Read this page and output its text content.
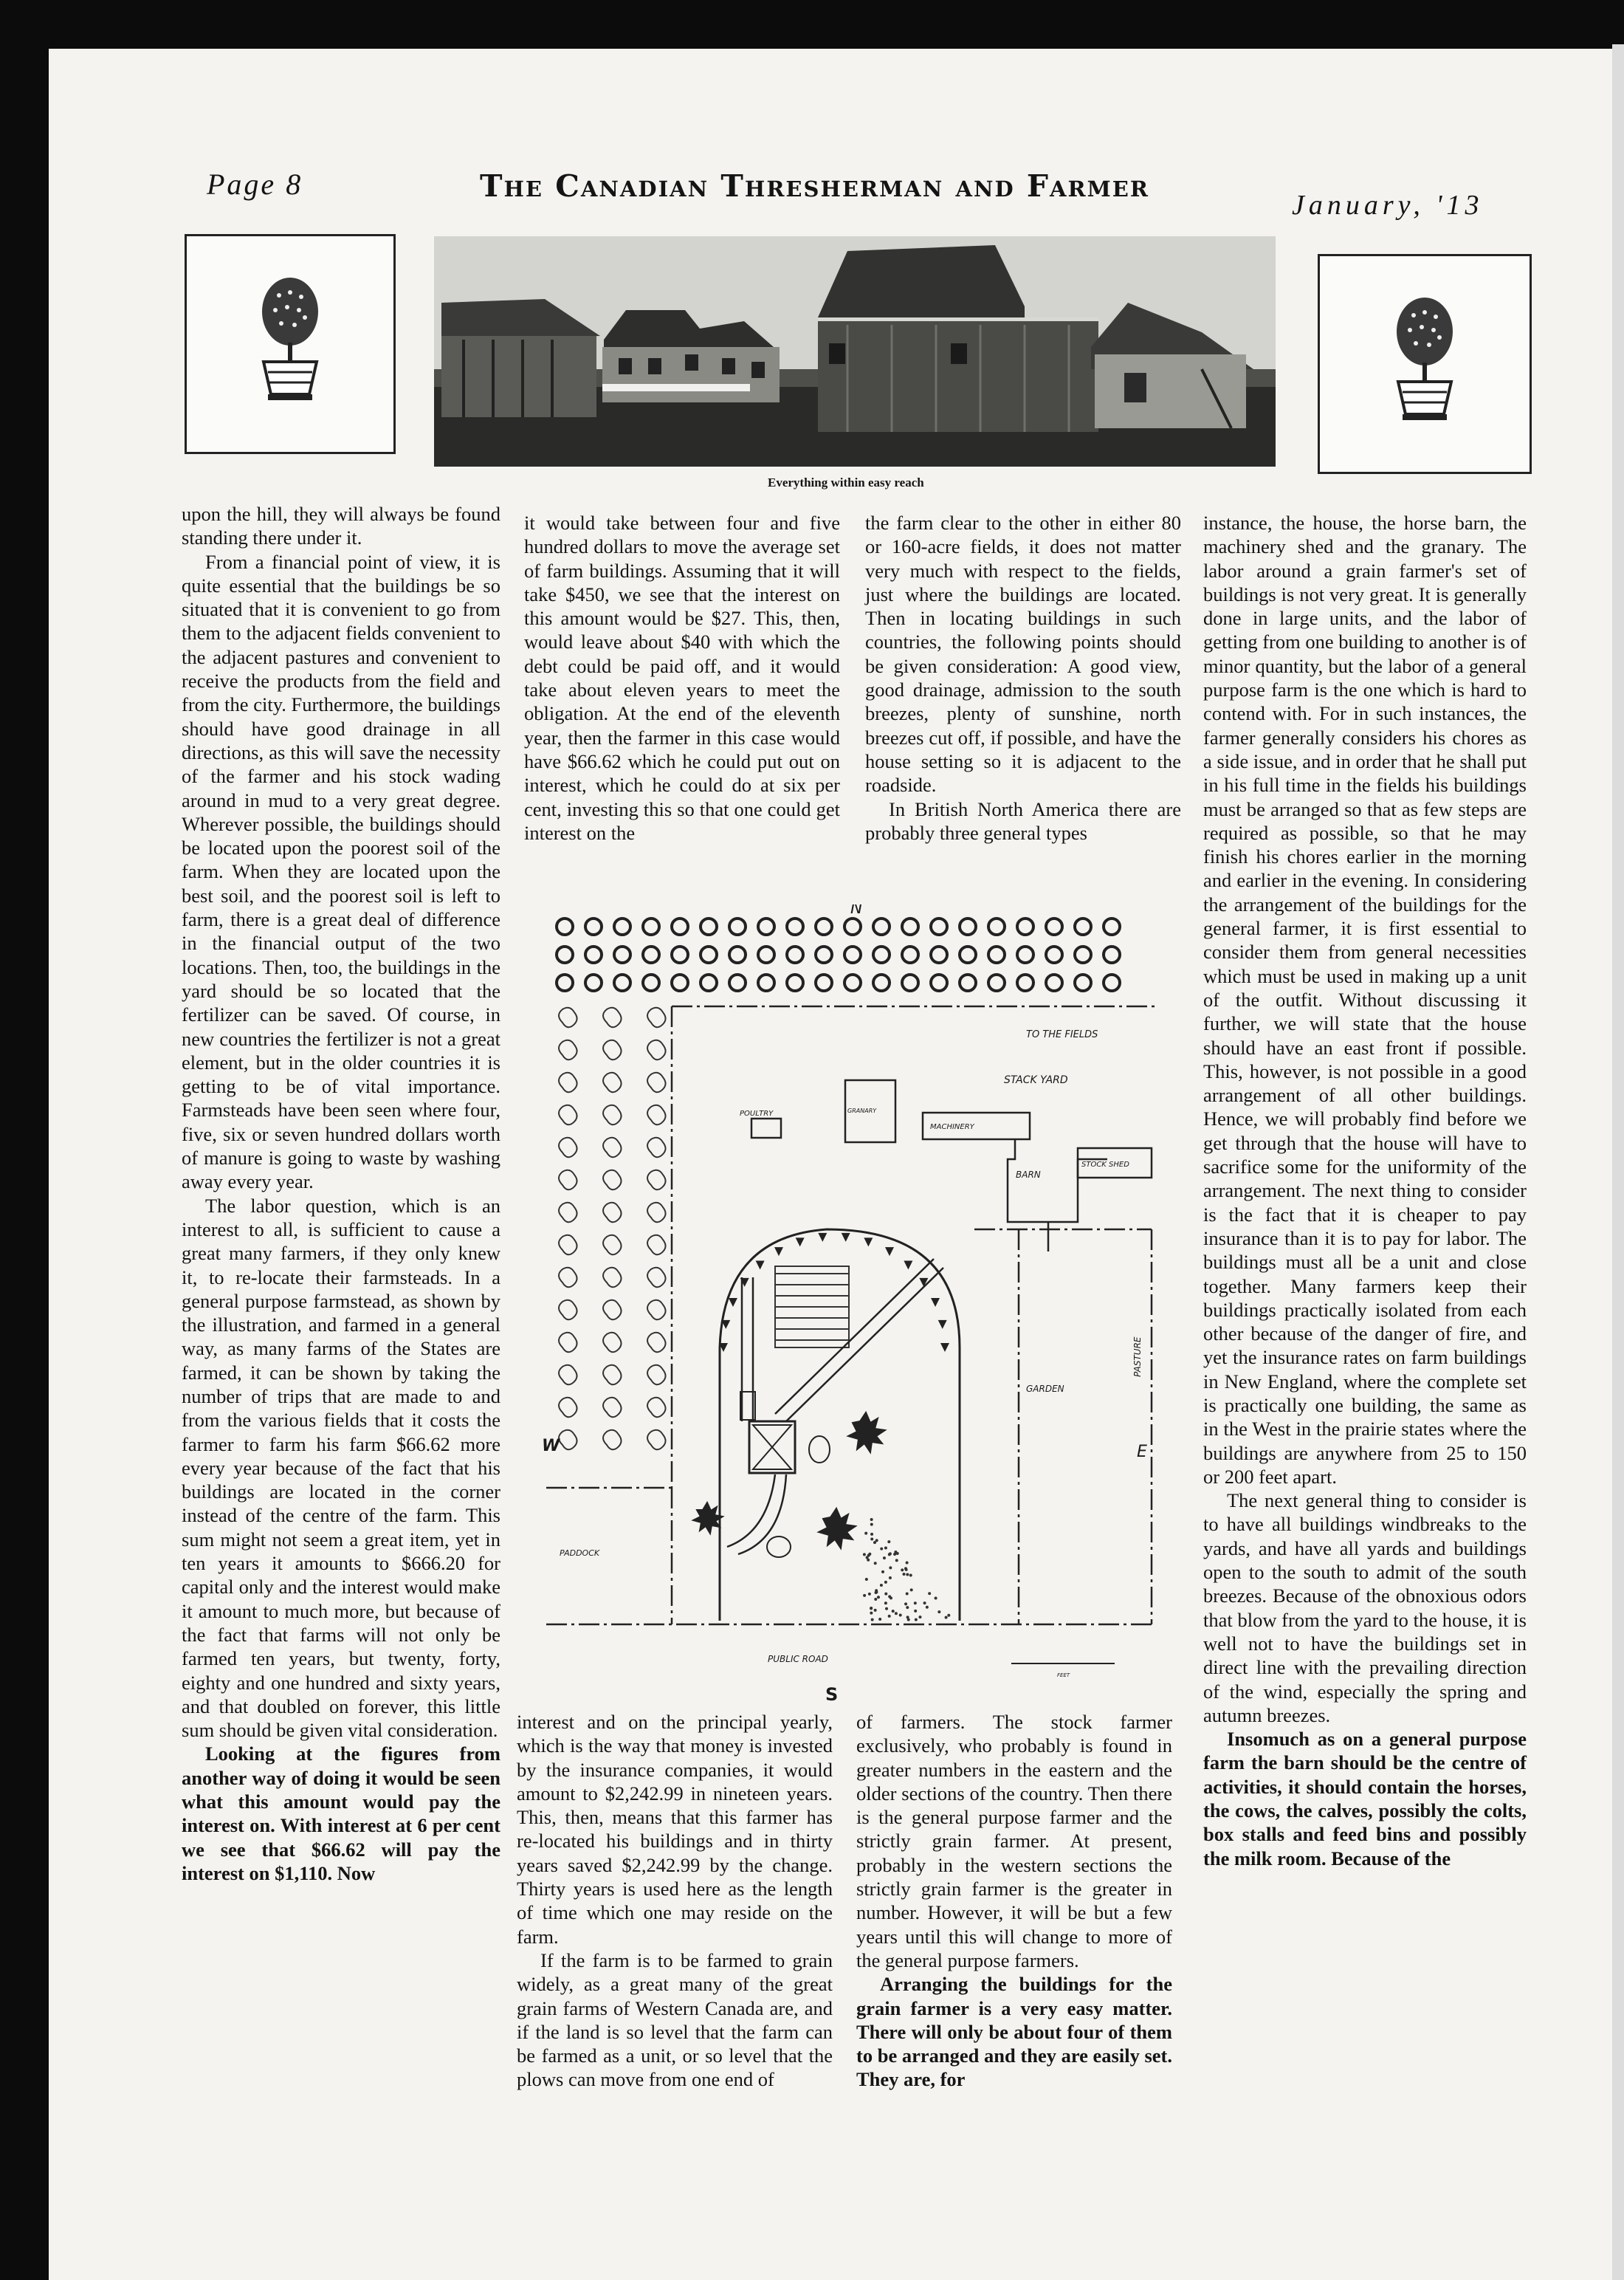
Page 8	The Canadian Thresherman and Farmer
January, '13
Everything within easy reach

upon the hill, they will always be found standing there under it.

From a financial point of view, it is quite essential that the buildings be so situated that it is convenient to go from them to the adjacent fields convenient to the adjacent pastures and convenient to receive the products from the field and from the city. Furthermore, the buildings should have good drainage in all directions, as this will save the necessity of the farmer and his stock wading around in mud to a very great degree. Wherever possible, the buildings should be located upon the poorest soil of the farm. When they are located upon the best soil, and the poorest soil is left to farm, there is a great deal of difference in the financial output of the two locations. Then, too, the buildings in the yard should be so located that the fertilizer can be saved. Of course, in new countries the fertilizer is not a great element, but in the older countries it is getting to be of vital importance. Farmsteads have been seen where four, five, six or seven hundred dollars worth of manure is going to waste by washing away every year.

The labor question, which is an interest to all, is sufficient to cause a great many farmers, if they only knew it, to re-locate their farmsteads. In a general purpose farmstead, as shown by the illustration, and farmed in a general way, as many farms of the States are farmed, it can be shown by taking the number of trips that are made to and from the various fields that it costs the farmer to farm his farm $66.62 more every year because of the fact that his buildings are located in the corner instead of the centre of the farm. This sum might not seem a great item, yet in ten years it amounts to $666.20 for capital only and the interest would make it amount to much more, but because of the fact that farms will not only be farmed ten years, but twenty, forty, eighty and one hundred and sixty years, and that doubled on forever, this little sum should be given vital consideration.

Looking at the figures from another way of doing it would be seen what this amount would pay the interest on. With interest at 6 per cent we see that $66.62 will pay the interest on $1,110. Now

it would take between four and five hundred dollars to move the average set of farm buildings. Assuming that it will take $450, we see that the interest on this amount would be $27. This, then, would leave about $40 with which the debt could be paid off, and it would take about eleven years to meet the obligation. At the end of the eleventh year, then the farmer in this case would have $66.62 which he could put out on interest, which he could do at six per cent, investing this so that one could get interest on the

the farm clear to the other in either 80 or 160-acre fields, it does not matter very much with respect to the fields, just where the buildings are located. Then in locating buildings in such countries, the following points should be given consideration: A good view, good drainage, admission to the south breezes, plenty of sunshine, north breezes cut off, if possible, and have the house setting so it is adjacent to the roadside.

In British North America there are probably three general types

N
S
W	E
TO THE FIELDS
STACK YARD
POULTRY	GRANARY
MACHINERY
BARN
STOCK SHED
GARDEN
PASTURE
PADDOCK
PUBLIC ROAD
FEET

interest and on the principal yearly, which is the way that money is invested by the insurance companies, it would amount to $2,242.99 in nineteen years. This, then, means that this farmer has re-located his buildings and in thirty years saved $2,242.99 by the change. Thirty years is used here as the length of time which one may reside on the farm.

If the farm is to be farmed to grain widely, as a great many of the great grain farms of Western Canada are, and if the land is so level that the farm can be farmed as a unit, or so level that the plows can move from one end of

of farmers. The stock farmer exclusively, who probably is found in greater numbers in the eastern and the older sections of the country. Then there is the general purpose farmer and the strictly grain farmer. At present, probably in the western sections the strictly grain farmer is the greater in number. However, it will be but a few years until this will change to more of the general purpose farmers.

Arranging the buildings for the grain farmer is a very easy matter. There will only be about four of them to be arranged and they are easily set. They are, for

instance, the house, the horse barn, the machinery shed and the granary. The labor around a grain farmer's set of buildings is not very great. It is generally done in large units, and the labor of getting from one building to another is of minor quantity, but the labor of a general purpose farm is the one which is hard to contend with. For in such instances, the farmer generally considers his chores as a side issue, and in order that he shall put in his full time in the fields his buildings must be arranged so that as few steps are required as possible, so that he may finish his chores earlier in the morning and earlier in the evening. In considering the arrangement of the buildings for the general farmer, it is first essential to consider them from general necessities which must be used in making up a unit of the outfit. Without discussing it further, we will state that the house should have an east front if possible. This, however, is not possible in a good arrangement of all other buildings. Hence, we will probably find before we get through that the house will have to sacrifice some for the uniformity of the arrangement. The next thing to consider is the fact that it is cheaper to pay insurance than it is to pay for labor. The buildings must all be a unit and close together. Many farmers keep their buildings practically isolated from each other because of the danger of fire, and yet the insurance rates on farm buildings in New England, where the complete set is practically one building, the same as in the West in the prairie states where the buildings are anywhere from 25 to 150 or 200 feet apart.

The next general thing to consider is to have all buildings windbreaks to the yards, and have all yards and buildings open to the south to admit of the south breezes. Because of the obnoxious odors that blow from the yard to the house, it is well not to have the buildings set in direct line with the prevailing direction of the wind, especially the spring and autumn breezes.

Insomuch as on a general purpose farm the barn should be the centre of activities, it should contain the horses, the cows, the calves, possibly the colts, box stalls and feed bins and possibly the milk room. Because of the
